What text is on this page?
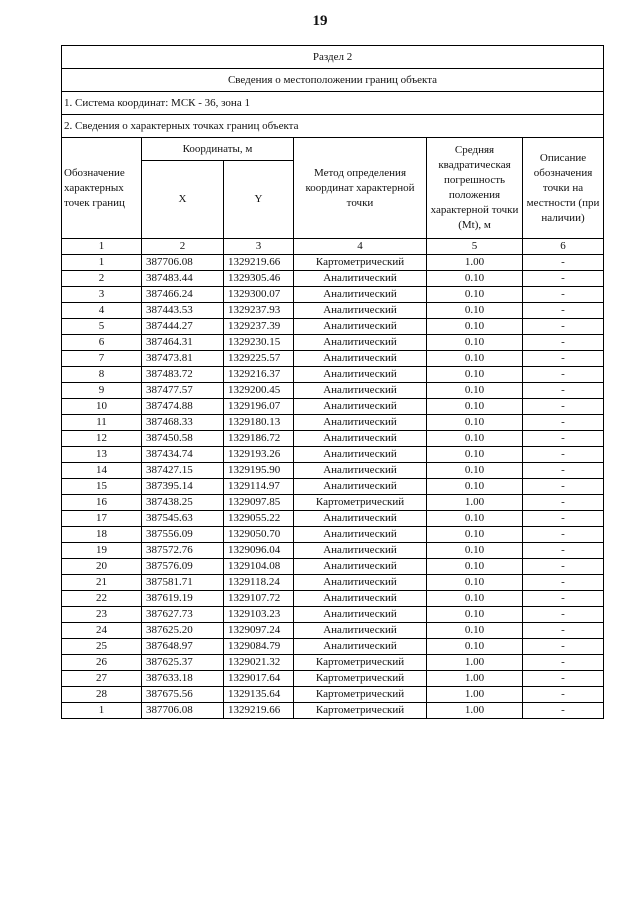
19
Раздел 2					
Сведения о местоположении границ объекта					
1. Система координат: МСК - 36, зона 1					
2. Сведения о характерных точках границ объекта					
Обозначение характерных точек границ	Координаты, м		Метод определения координат характерной точки	Средняя квадратическая погрешность положения характерной точки (Mt), м	Описание обозначения точки на местности (при наличии)
	X	Y			
1	2	3	4	5	6
1	387706.08	1329219.66	Картометрический	1.00	-
2	387483.44	1329305.46	Аналитический	0.10	-
3	387466.24	1329300.07	Аналитический	0.10	-
4	387443.53	1329237.93	Аналитический	0.10	-
5	387444.27	1329237.39	Аналитический	0.10	-
6	387464.31	1329230.15	Аналитический	0.10	-
7	387473.81	1329225.57	Аналитический	0.10	-
8	387483.72	1329216.37	Аналитический	0.10	-
9	387477.57	1329200.45	Аналитический	0.10	-
10	387474.88	1329196.07	Аналитический	0.10	-
11	387468.33	1329180.13	Аналитический	0.10	-
12	387450.58	1329186.72	Аналитический	0.10	-
13	387434.74	1329193.26	Аналитический	0.10	-
14	387427.15	1329195.90	Аналитический	0.10	-
15	387395.14	1329114.97	Аналитический	0.10	-
16	387438.25	1329097.85	Картометрический	1.00	-
17	387545.63	1329055.22	Аналитический	0.10	-
18	387556.09	1329050.70	Аналитический	0.10	-
19	387572.76	1329096.04	Аналитический	0.10	-
20	387576.09	1329104.08	Аналитический	0.10	-
21	387581.71	1329118.24	Аналитический	0.10	-
22	387619.19	1329107.72	Аналитический	0.10	-
23	387627.73	1329103.23	Аналитический	0.10	-
24	387625.20	1329097.24	Аналитический	0.10	-
25	387648.97	1329084.79	Аналитический	0.10	-
26	387625.37	1329021.32	Картометрический	1.00	-
27	387633.18	1329017.64	Картометрический	1.00	-
28	387675.56	1329135.64	Картометрический	1.00	-
1	387706.08	1329219.66	Картометрический	1.00	-
